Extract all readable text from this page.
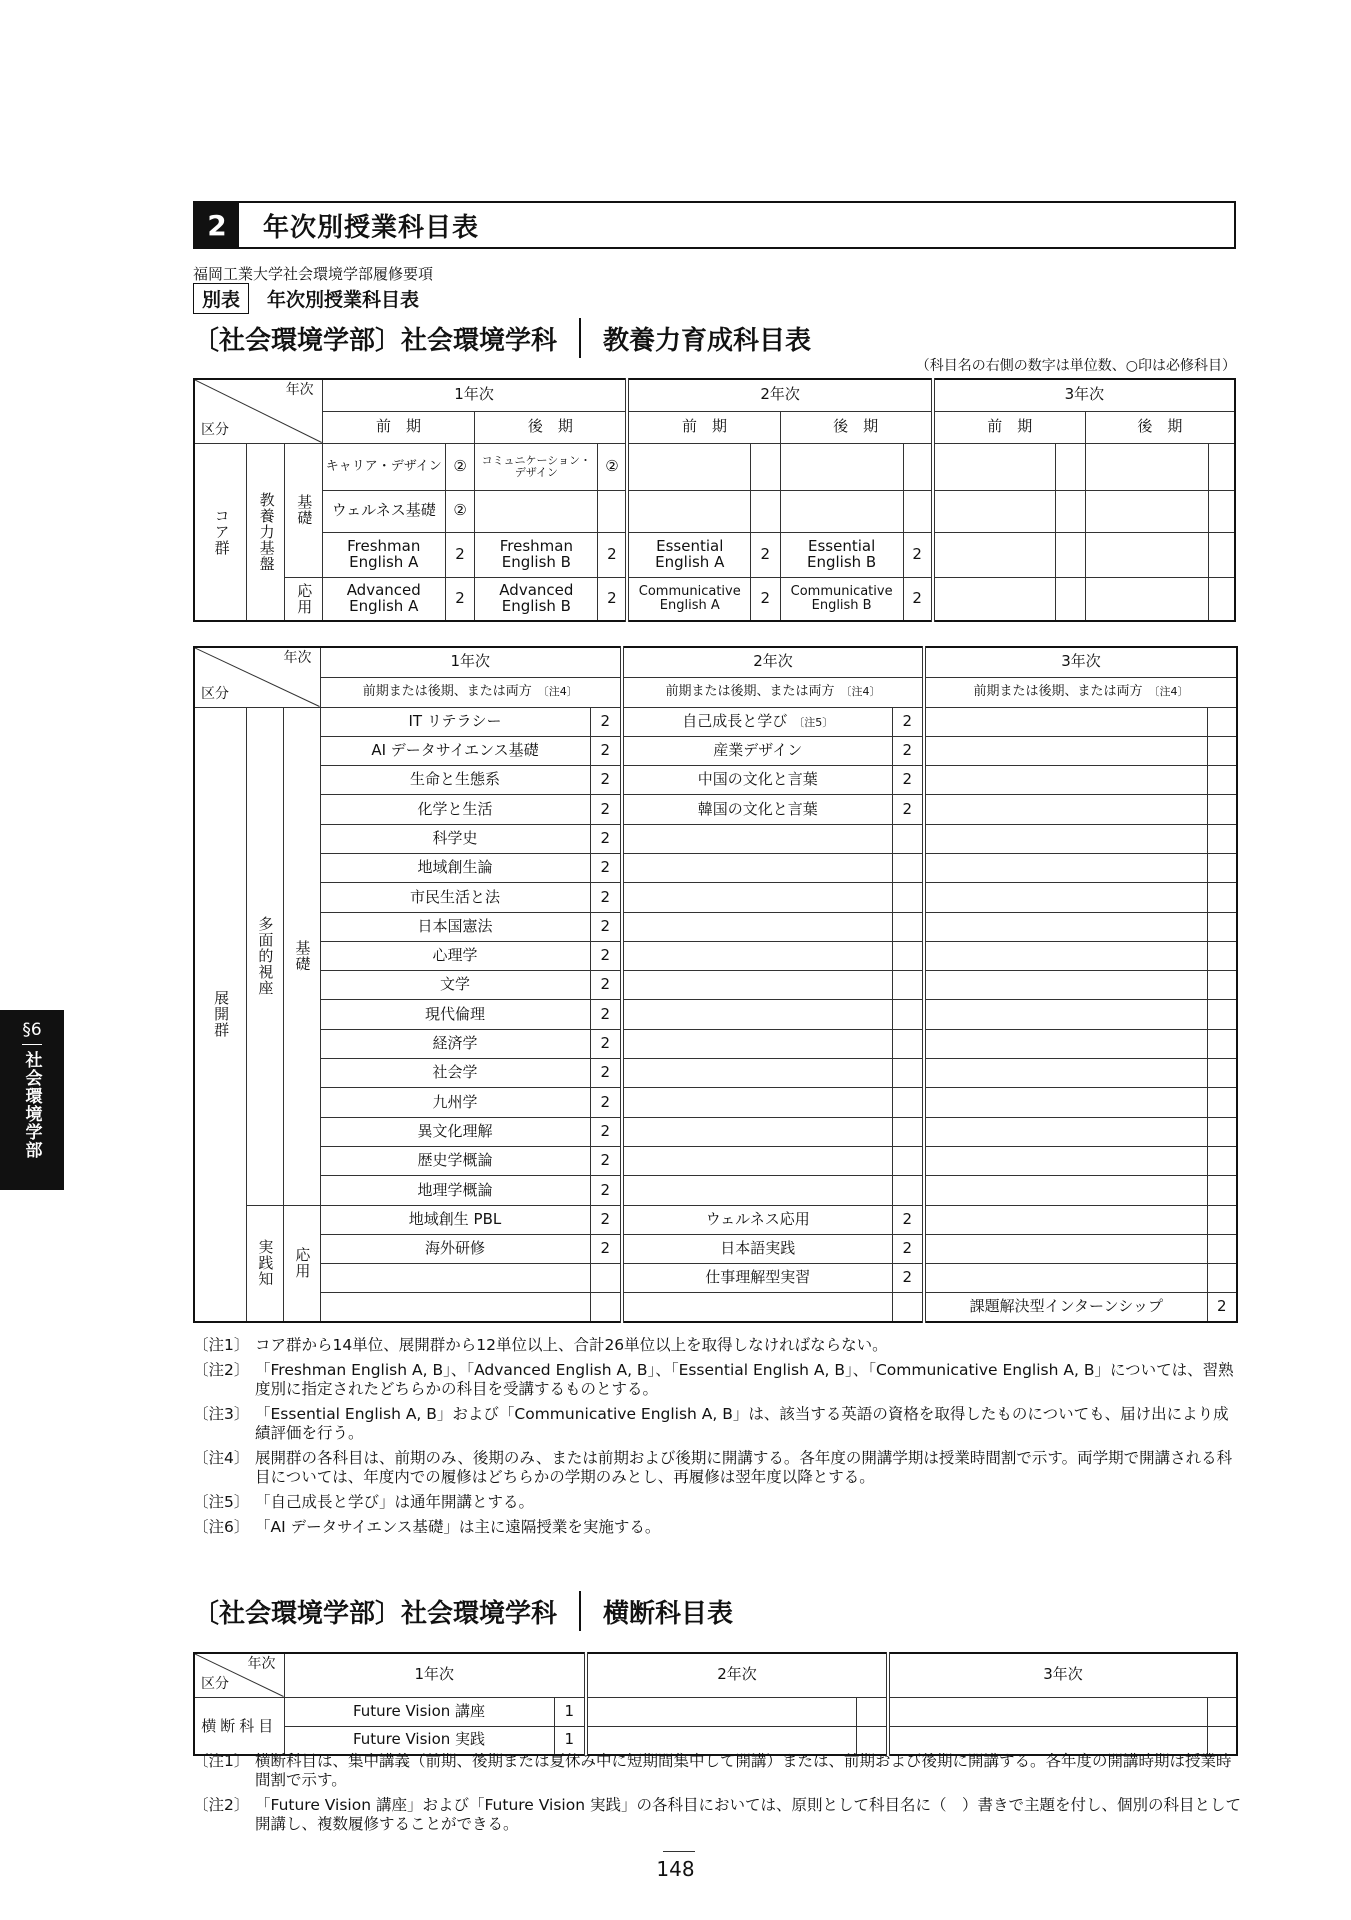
2	年次別授業科目表
福岡工業大学社会環境学部履修要項
別表	年次別授業科目表
〔社会環境学部〕社会環境学科 教養力育成科目表
（科目名の右側の数字は単位数、○印は必修科目）
年次
区分			1年次				2年次				3年次			
			前　期		後　期		前　期		後　期		前　期		後　期	

コア群	教養力基盤	基礎	キャリア・デザイン	②	コミュニケーション・デザイン	②								
			ウェルネス基礎	②										
			Freshman English A	2	Freshman English B	2	Essential English A	2	Essential English B	2				

		応用	Advanced English A	2	Advanced English B	2	Communicative English A	2	Communicative English B	2				
年次
区分			1年次		2年次		3年次	
			前期または後期、または両方 〔注4〕		前期または後期、または両方 〔注4〕		前期または後期、または両方 〔注4〕	

展開群	多面的視座	基礎	IT リテラシー	2	自己成長と学び 〔注5〕	2		
			AI データサイエンス基礎	2	産業デザイン	2		
			生命と生態系	2	中国の文化と言葉	2		
			化学と生活	2	韓国の文化と言葉	2		
			科学史	2				
			地域創生論	2				
			市民生活と法	2				
			日本国憲法	2				
			心理学	2				
			文学	2				
			現代倫理	2				
			経済学	2				
			社会学	2				
			九州学	2				
			異文化理解	2				
			歴史学概論	2				
			地理学概論	2				

	実践知	応用	地域創生 PBL	2	ウェルネス応用	2		
			海外研修	2	日本語実践	2		
					仕事理解型実習	2		
							課題解決型インターンシップ	2
〔注1〕 コア群から14単位、展開群から12単位以上、合計26単位以上を取得しなければならない。
〔注2〕 「Freshman English A, B」、「Advanced English A, B」、「Essential English A, B」、「Communicative English A, B」については、習熟度別に指定されたどちらかの科目を受講するものとする。
〔注3〕 「Essential English A, B」および「Communicative English A, B」は、該当する英語の資格を取得したものについても、届け出により成績評価を行う。
〔注4〕 展開群の各科目は、前期のみ、後期のみ、または前期および後期に開講する。各年度の開講学期は授業時間割で示す。両学期で開講される科目については、年度内での履修はどちらかの学期のみとし、再履修は翌年度以降とする。
〔注5〕 「自己成長と学び」は通年開講とする。
〔注6〕 「AI データサイエンス基礎」は主に遠隔授業を実施する。
〔社会環境学部〕社会環境学科 横断科目表
年次
区分	1年次		2年次		3年次	
横断科目	Future Vision 講座	1				
	Future Vision 実践	1				
〔注1〕 横断科目は、集中講義（前期、後期または夏休み中に短期間集中して開講）または、前期および後期に開講する。各年度の開講時期は授業時間割で示す。
〔注2〕 「Future Vision 講座」および「Future Vision 実践」の各科目においては、原則として科目名に（　）書きで主題を付し、個別の科目として開講し、複数履修することができる。
§6
社会環境学部
148
